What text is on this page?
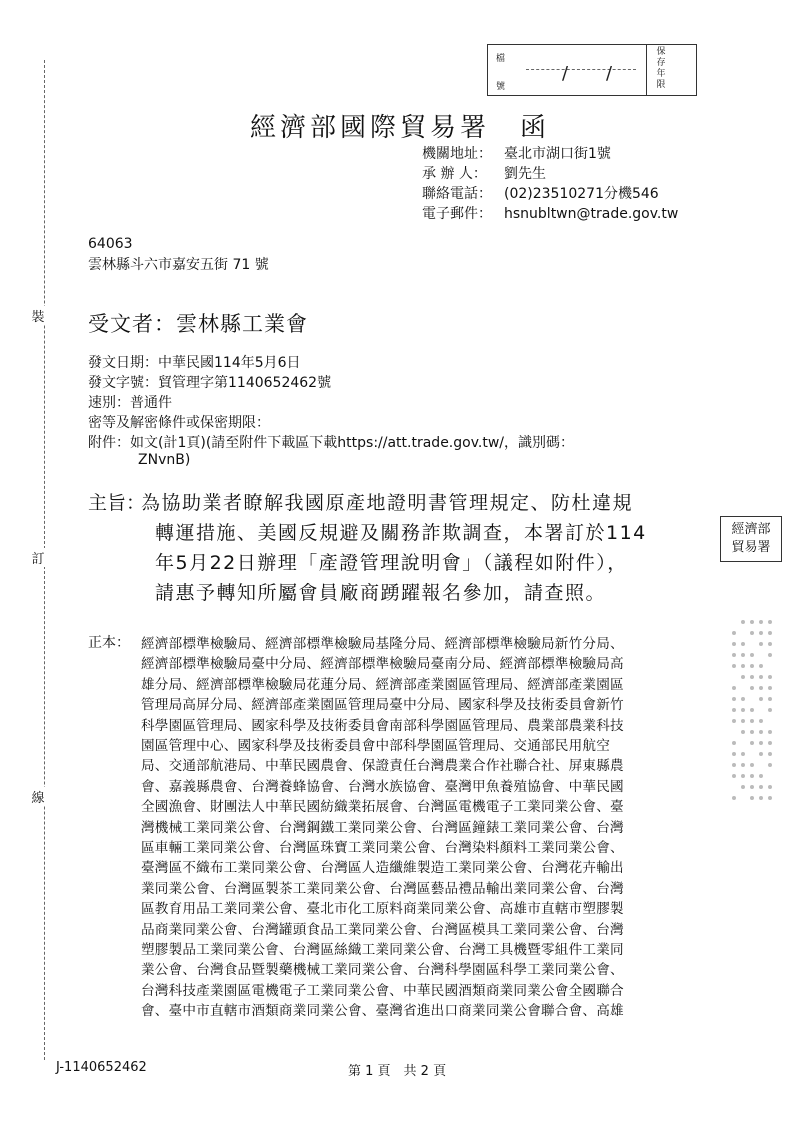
裝
訂
線
檔
號
/ /
保存年限
經濟部國際貿易署　函
機關地址： 臺北市湖口街1號
承 辦 人： 劉先生
聯絡電話： (02)23510271分機546
電子郵件： hsnubltwn@trade.gov.tw
64063
雲林縣斗六市嘉安五街 71 號
受文者：雲林縣工業會
發文日期：中華民國114年5月6日
發文字號：貿管理字第1140652462號
速別：普通件
密等及解密條件或保密期限：
附件：如文(計1頁)(請至附件下載區下載https://att.trade.gov.tw/，識別碼：
ZNvnB)
主旨：
為協助業者瞭解我國原產地證明書管理規定、防杜違規
轉運措施、美國反規避及關務詐欺調查，本署訂於114
年5月22日辦理「產證管理說明會」（議程如附件），
請惠予轉知所屬會員廠商踴躍報名參加，請查照。
經濟部
貿易署
正本： 經濟部標準檢驗局、經濟部標準檢驗局基隆分局、經濟部標準檢驗局新竹分局、
經濟部標準檢驗局臺中分局、經濟部標準檢驗局臺南分局、經濟部標準檢驗局高
雄分局、經濟部標準檢驗局花蓮分局、經濟部產業園區管理局、經濟部產業園區
管理局高屏分局、經濟部產業園區管理局臺中分局、國家科學及技術委員會新竹
科學園區管理局、國家科學及技術委員會南部科學園區管理局、農業部農業科技
園區管理中心、國家科學及技術委員會中部科學園區管理局、交通部民用航空
局、交通部航港局、中華民國農會、保證責任台灣農業合作社聯合社、屏東縣農
會、嘉義縣農會、台灣養蜂協會、台灣水族協會、臺灣甲魚養殖協會、中華民國
全國漁會、財團法人中華民國紡織業拓展會、台灣區電機電子工業同業公會、臺
灣機械工業同業公會、台灣鋼鐵工業同業公會、台灣區鐘錶工業同業公會、台灣
區車輛工業同業公會、台灣區珠寶工業同業公會、台灣染料顏料工業同業公會、
臺灣區不織布工業同業公會、台灣區人造纖維製造工業同業公會、台灣花卉輸出
業同業公會、台灣區製茶工業同業公會、台灣區藝品禮品輸出業同業公會、台灣
區教育用品工業同業公會、臺北市化工原料商業同業公會、高雄市直轄市塑膠製
品商業同業公會、台灣罐頭食品工業同業公會、台灣區模具工業同業公會、台灣
塑膠製品工業同業公會、台灣區絲織工業同業公會、台灣工具機暨零組件工業同
業公會、台灣食品暨製藥機械工業同業公會、台灣科學園區科學工業同業公會、
台灣科技產業園區電機電子工業同業公會、中華民國酒類商業同業公會全國聯合
會、臺中市直轄市酒類商業同業公會、臺灣省進出口商業同業公會聯合會、高雄
J-1140652462	第 1 頁　共 2 頁
